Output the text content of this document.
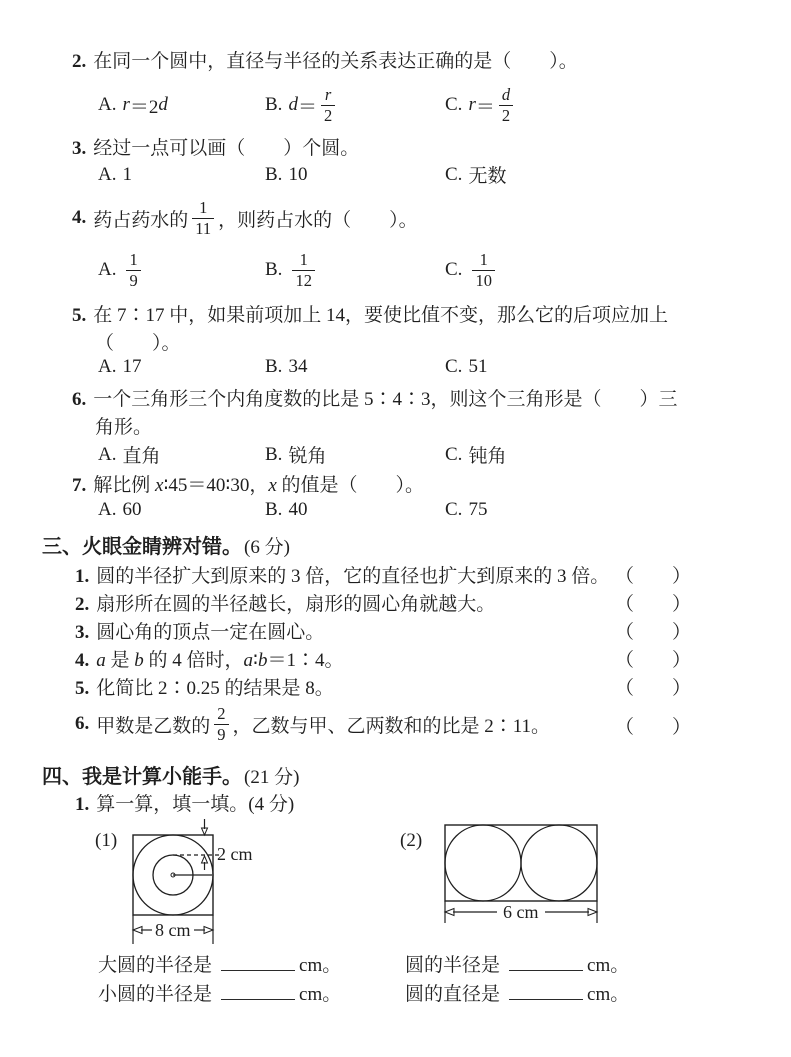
2. 在同一个圆中，直径与半径的关系表达正确的是（　　）。
A. r ＝2 d	B. $d = \frac{r}{2}$	C. $r = \frac{d}{2}$
3. 经过一点可以画（　　）个圆。
A. 1	B. 10	C. 无数
4. 药占药水的 $\frac{1}{11}$ ，则药占水的（　　）。
A. $\frac{1}{9}$	B. $\frac{1}{12}$	C. $\frac{1}{10}$
5. 在 7∶17 中，如果前项加上 14，要使比值不变，那么它的后项应加上
（　　）。
A. 17	B. 34	C. 51
6. 一个三角形三个内角度数的比是 5∶4∶3，则这个三角形是（　　）三
角形。
A. 直角	B. 锐角	C. 钝角
7. 解比例 x∶45＝40∶30，x 的值是（　　）。
A. 60	B. 40	C. 75
三、火眼金睛辨对错。 (6 分)
1. 圆的半径扩大到原来的 3 倍，它的直径也扩大到原来的 3 倍。 （　　）
2. 扇形所在圆的半径越长，扇形的圆心角就越大。	（　　）
3. 圆心角的顶点一定在圆心。	（　　）
4. a 是 b 的 4 倍时，a∶b＝1∶4。	（　　）
5. 化简比 2∶0.25 的结果是 8。	（　　）
6. 甲数是乙数的 $\frac{2}{9}$ ，乙数与甲、乙两数和的比是 2∶11。	（　　）
四、我是计算小能手。 (21 分)
1. 算一算，填一填。(4 分)
(1)
2 cm
8 cm
(2)
6 cm
大圆的半径是	cm。	圆的半径是	cm。
小圆的半径是	cm。	圆的直径是	cm。
